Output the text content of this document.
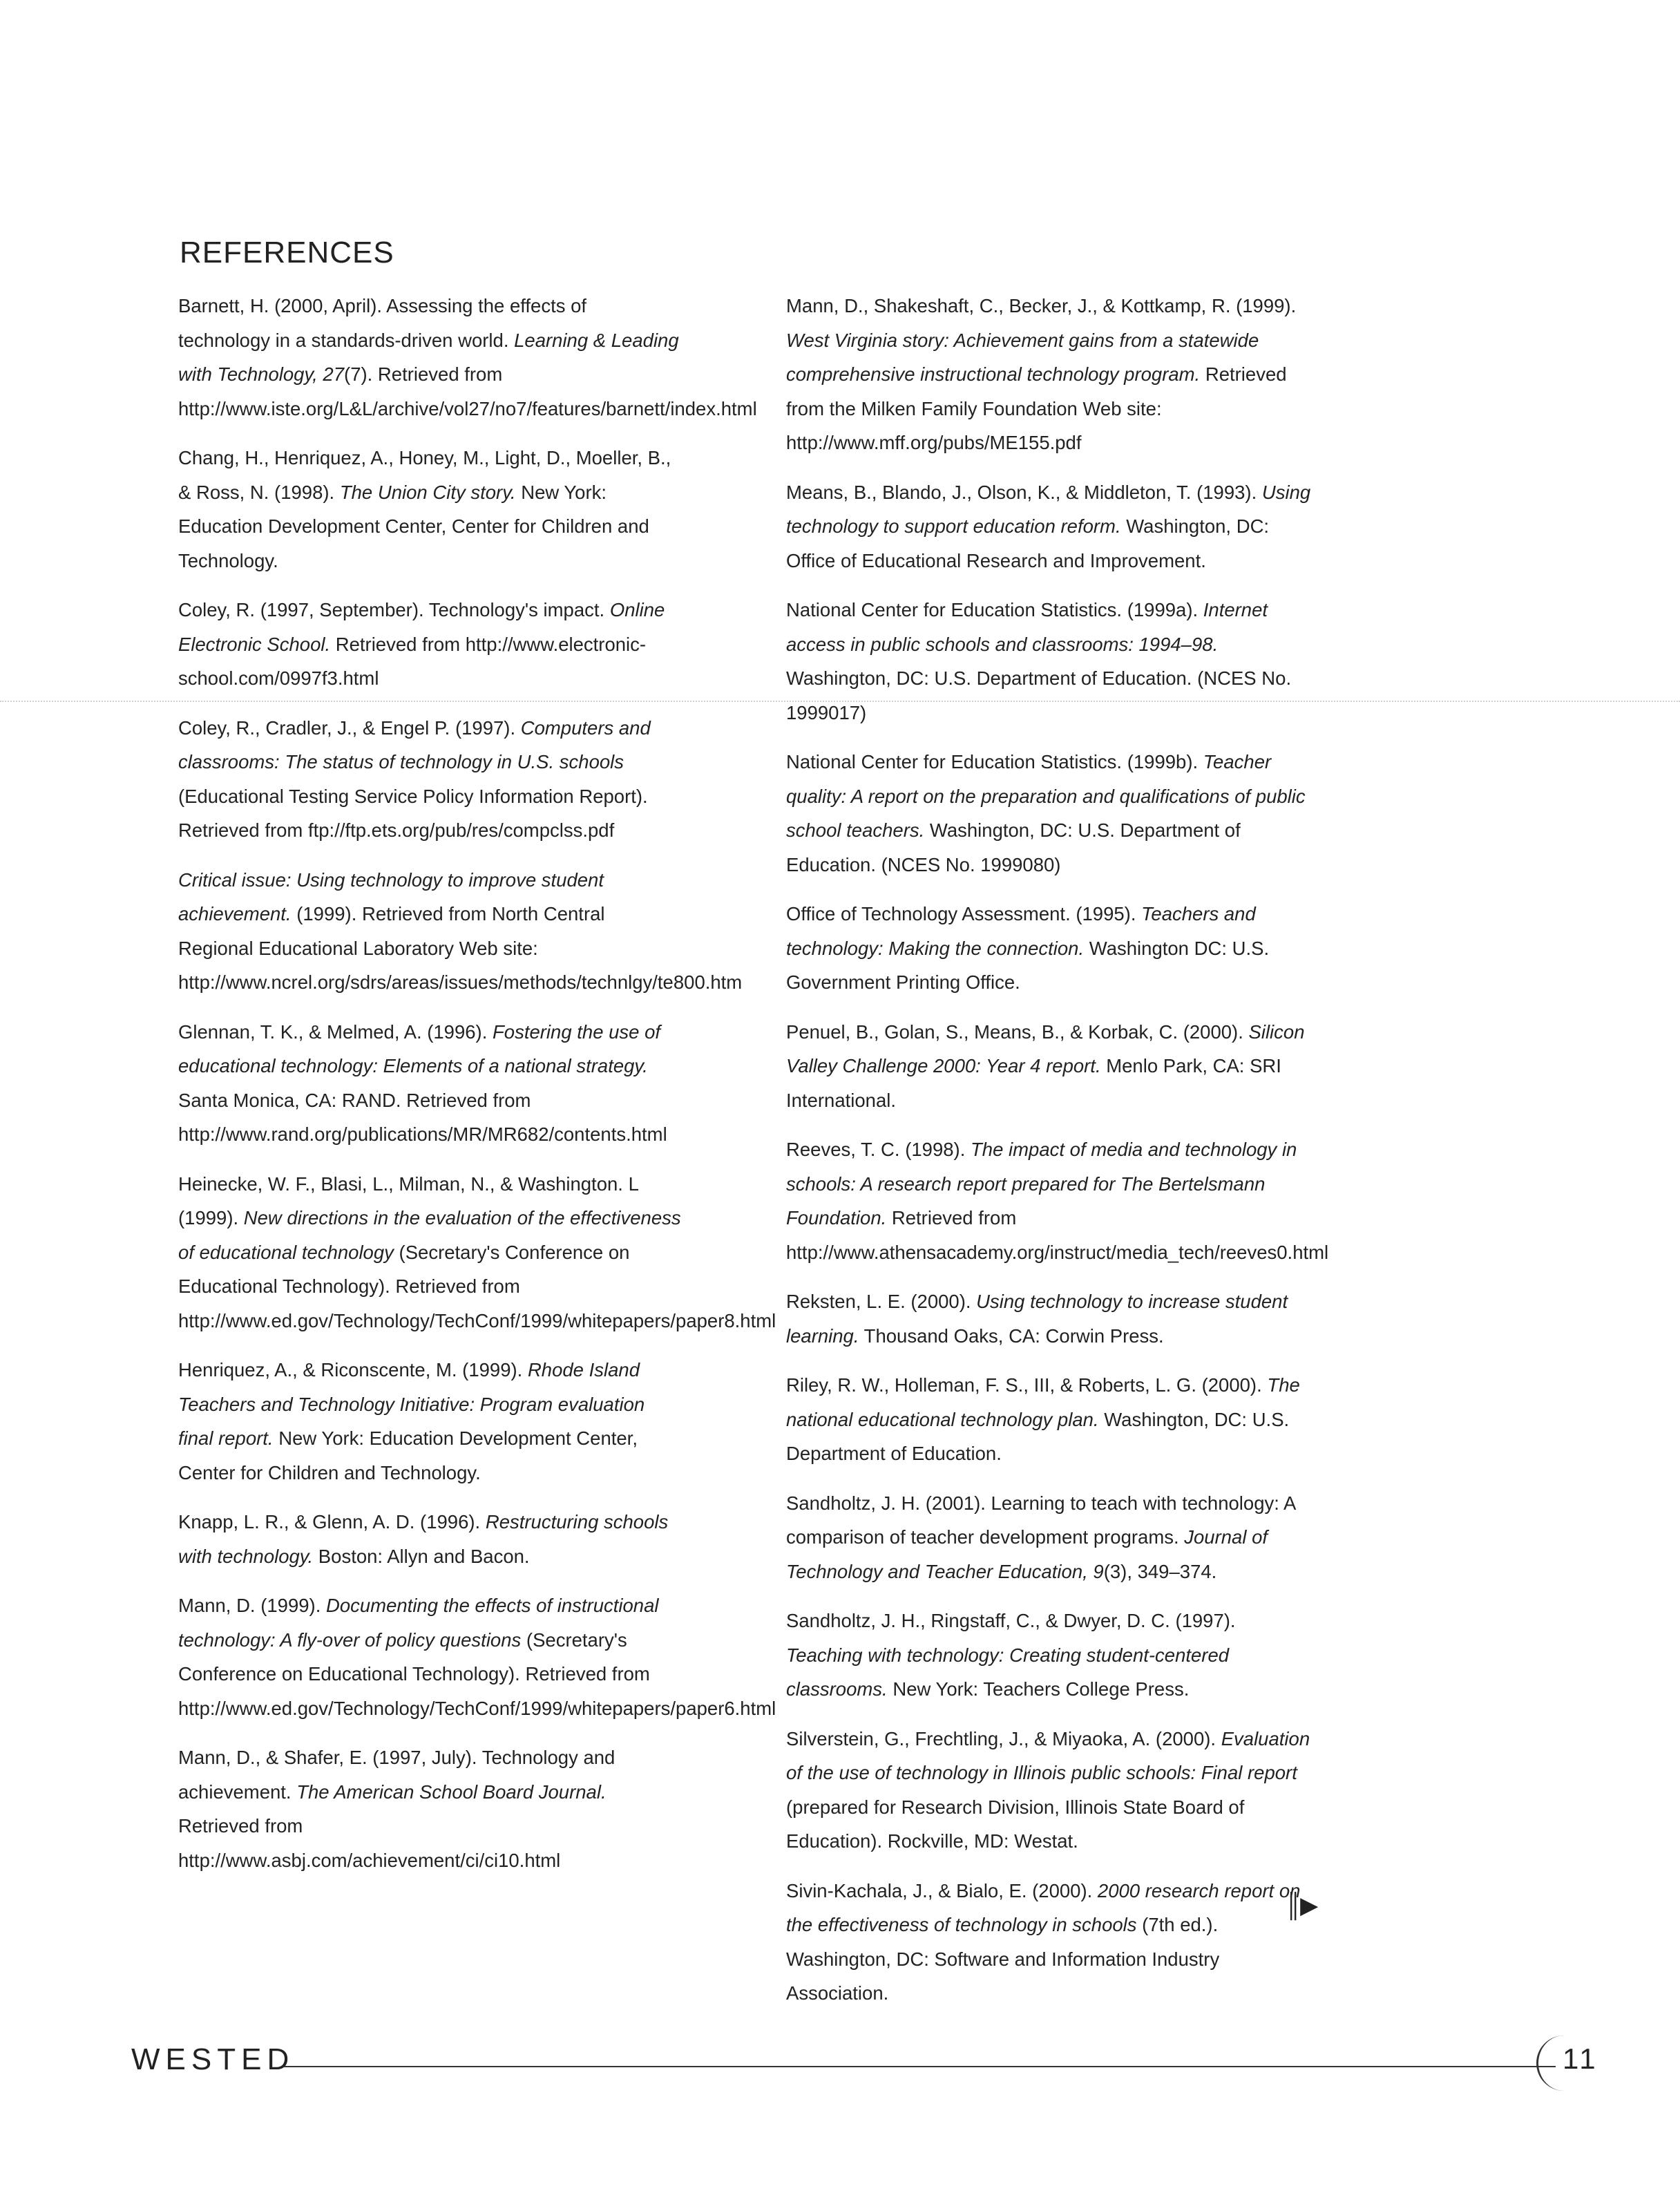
REFERENCES

Barnett, H. (2000, April). Assessing the effects of technology in a standards-driven world. Learning & Leading with Technology, 27(7). Retrieved from http://www.iste.org/L&L/archive/vol27/no7/features/barnett/index.html

Chang, H., Henriquez, A., Honey, M., Light, D., Moeller, B., & Ross, N. (1998). The Union City story. New York: Education Development Center, Center for Children and Technology.

Coley, R. (1997, September). Technology's impact. Online Electronic School. Retrieved from http://www.electronic-school.com/0997f3.html

Coley, R., Cradler, J., & Engel P. (1997). Computers and classrooms: The status of technology in U.S. schools (Educational Testing Service Policy Information Report). Retrieved from ftp://ftp.ets.org/pub/res/compclss.pdf

Critical issue: Using technology to improve student achievement. (1999). Retrieved from North Central Regional Educational Laboratory Web site: http://www.ncrel.org/sdrs/areas/issues/methods/technlgy/te800.htm

Glennan, T. K., & Melmed, A. (1996). Fostering the use of educational technology: Elements of a national strategy. Santa Monica, CA: RAND. Retrieved from http://www.rand.org/publications/MR/MR682/contents.html

Heinecke, W. F., Blasi, L., Milman, N., & Washington. L (1999). New directions in the evaluation of the effectiveness of educational technology (Secretary's Conference on Educational Technology). Retrieved from http://www.ed.gov/Technology/TechConf/1999/whitepapers/paper8.html

Henriquez, A., & Riconscente, M. (1999). Rhode Island Teachers and Technology Initiative: Program evaluation final report. New York: Education Development Center, Center for Children and Technology.

Knapp, L. R., & Glenn, A. D. (1996). Restructuring schools with technology. Boston: Allyn and Bacon.

Mann, D. (1999). Documenting the effects of instructional technology: A fly-over of policy questions (Secretary's Conference on Educational Technology). Retrieved from http://www.ed.gov/Technology/TechConf/1999/whitepapers/paper6.html

Mann, D., & Shafer, E. (1997, July). Technology and achievement. The American School Board Journal. Retrieved from http://www.asbj.com/achievement/ci/ci10.html

Mann, D., Shakeshaft, C., Becker, J., & Kottkamp, R. (1999). West Virginia story: Achievement gains from a statewide comprehensive instructional technology program. Retrieved from the Milken Family Foundation Web site: http://www.mff.org/pubs/ME155.pdf

Means, B., Blando, J., Olson, K., & Middleton, T. (1993). Using technology to support education reform. Washington, DC: Office of Educational Research and Improvement.

National Center for Education Statistics. (1999a). Internet access in public schools and classrooms: 1994–98. Washington, DC: U.S. Department of Education. (NCES No. 1999017)

National Center for Education Statistics. (1999b). Teacher quality: A report on the preparation and qualifications of public school teachers. Washington, DC: U.S. Department of Education. (NCES No. 1999080)

Office of Technology Assessment. (1995). Teachers and technology: Making the connection. Washington DC: U.S. Government Printing Office.

Penuel, B., Golan, S., Means, B., & Korbak, C. (2000). Silicon Valley Challenge 2000: Year 4 report. Menlo Park, CA: SRI International.

Reeves, T. C. (1998). The impact of media and technology in schools: A research report prepared for The Bertelsmann Foundation. Retrieved from http://www.athensacademy.org/instruct/media_tech/reeves0.html

Reksten, L. E. (2000). Using technology to increase student learning. Thousand Oaks, CA: Corwin Press.

Riley, R. W., Holleman, F. S., III, & Roberts, L. G. (2000). The national educational technology plan. Washington, DC: U.S. Department of Education.

Sandholtz, J. H. (2001). Learning to teach with technology: A comparison of teacher development programs. Journal of Technology and Teacher Education, 9(3), 349–374.

Sandholtz, J. H., Ringstaff, C., & Dwyer, D. C. (1997). Teaching with technology: Creating student-centered classrooms. New York: Teachers College Press.

Silverstein, G., Frechtling, J., & Miyaoka, A. (2000). Evaluation of the use of technology in Illinois public schools: Final report (prepared for Research Division, Illinois State Board of Education). Rockville, MD: Westat.

Sivin-Kachala, J., & Bialo, E. (2000). 2000 research report on the effectiveness of technology in schools (7th ed.). Washington, DC: Software and Information Industry Association.

║▶
WESTED	11
